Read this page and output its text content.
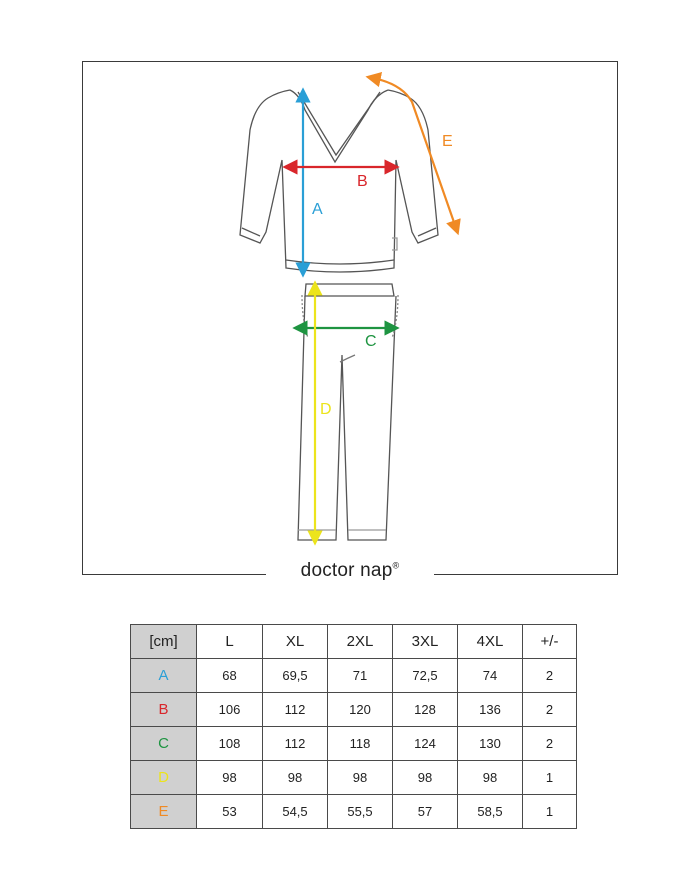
doctor nap®
A
B
C
D
E
[cm]	L	XL	2XL	3XL	4XL	+/-
A	68	69,5	71	72,5	74	2
B	106	112	120	128	136	2
C	108	112	118	124	130	2
D	98	98	98	98	98	1
E	53	54,5	55,5	57	58,5	1
